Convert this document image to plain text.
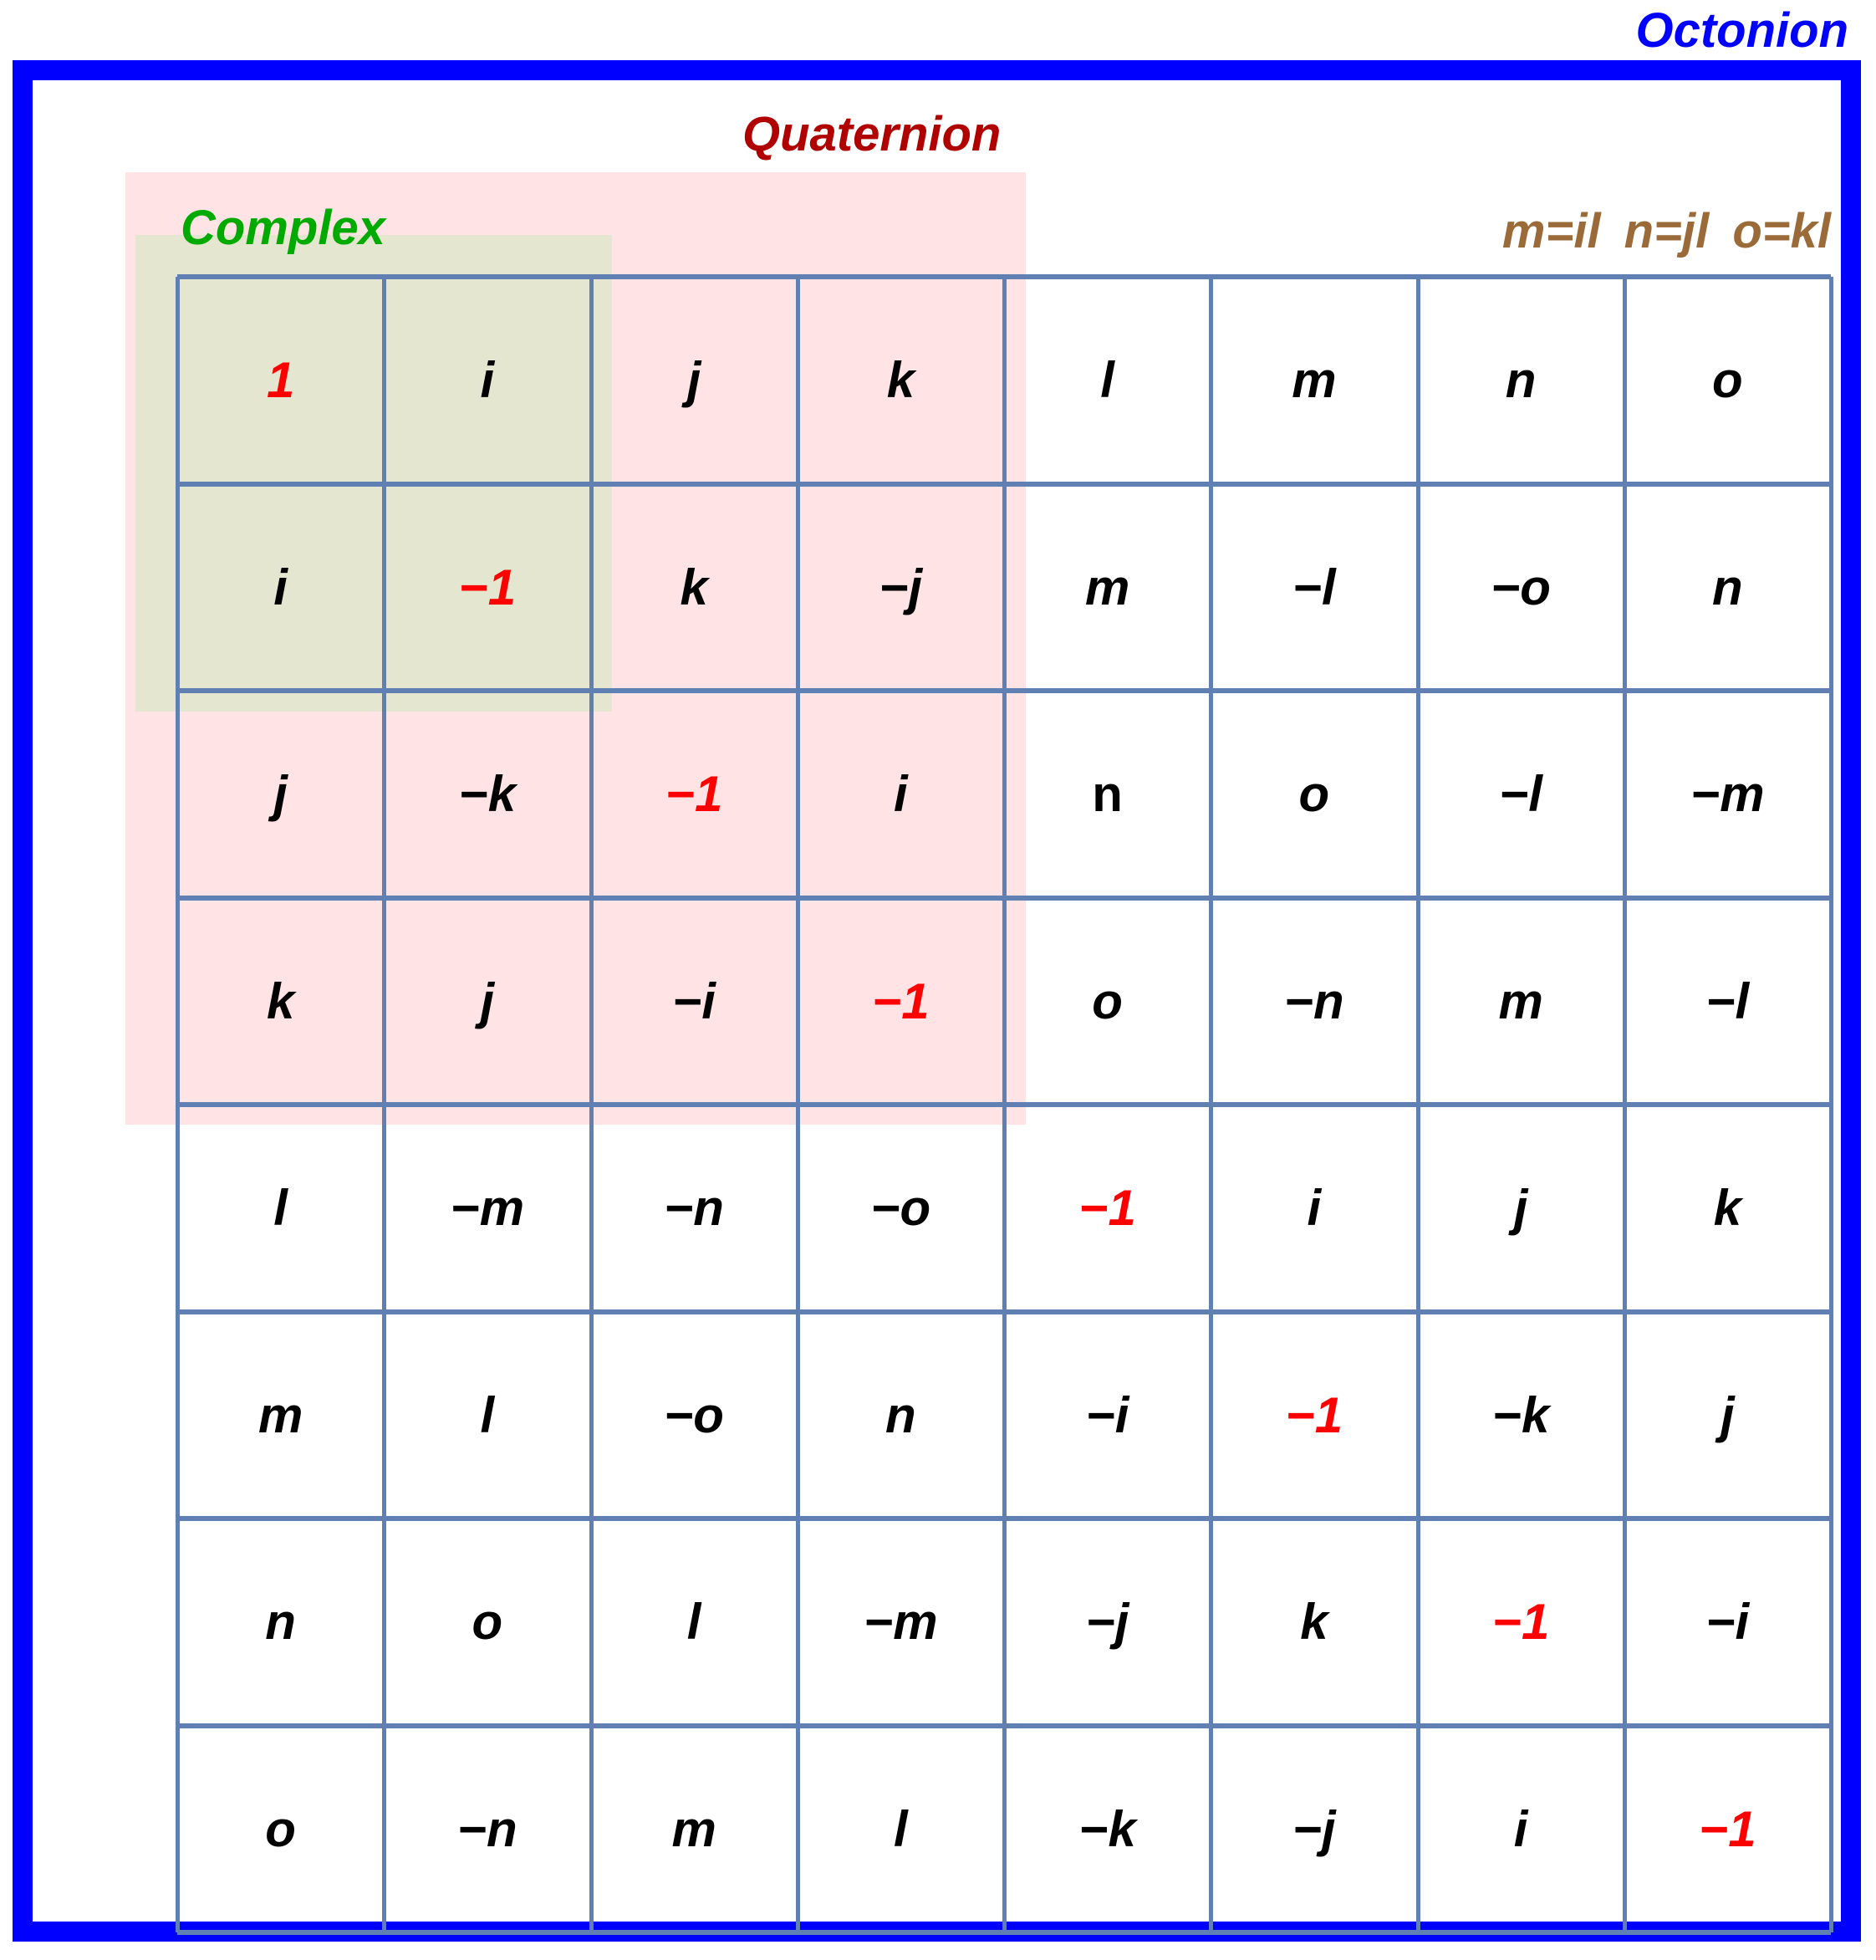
Octonion
Quaternion
Complex	m=il n=jl o=kl
1	i	j	k	l	m	n	o
i	−1	k	−j	m	−l	−o	n
j	−k	−1	i	n	o	−l	−m
k	j	−i	−1	o	−n	m	−l
l	−m	−n	−o	−1	i	j	k
m	l	−o	n	−i	−1	−k	j
n	o	l	−m	−j	k	−1	−i
o	−n	m	l	−k	−j	i	−1
